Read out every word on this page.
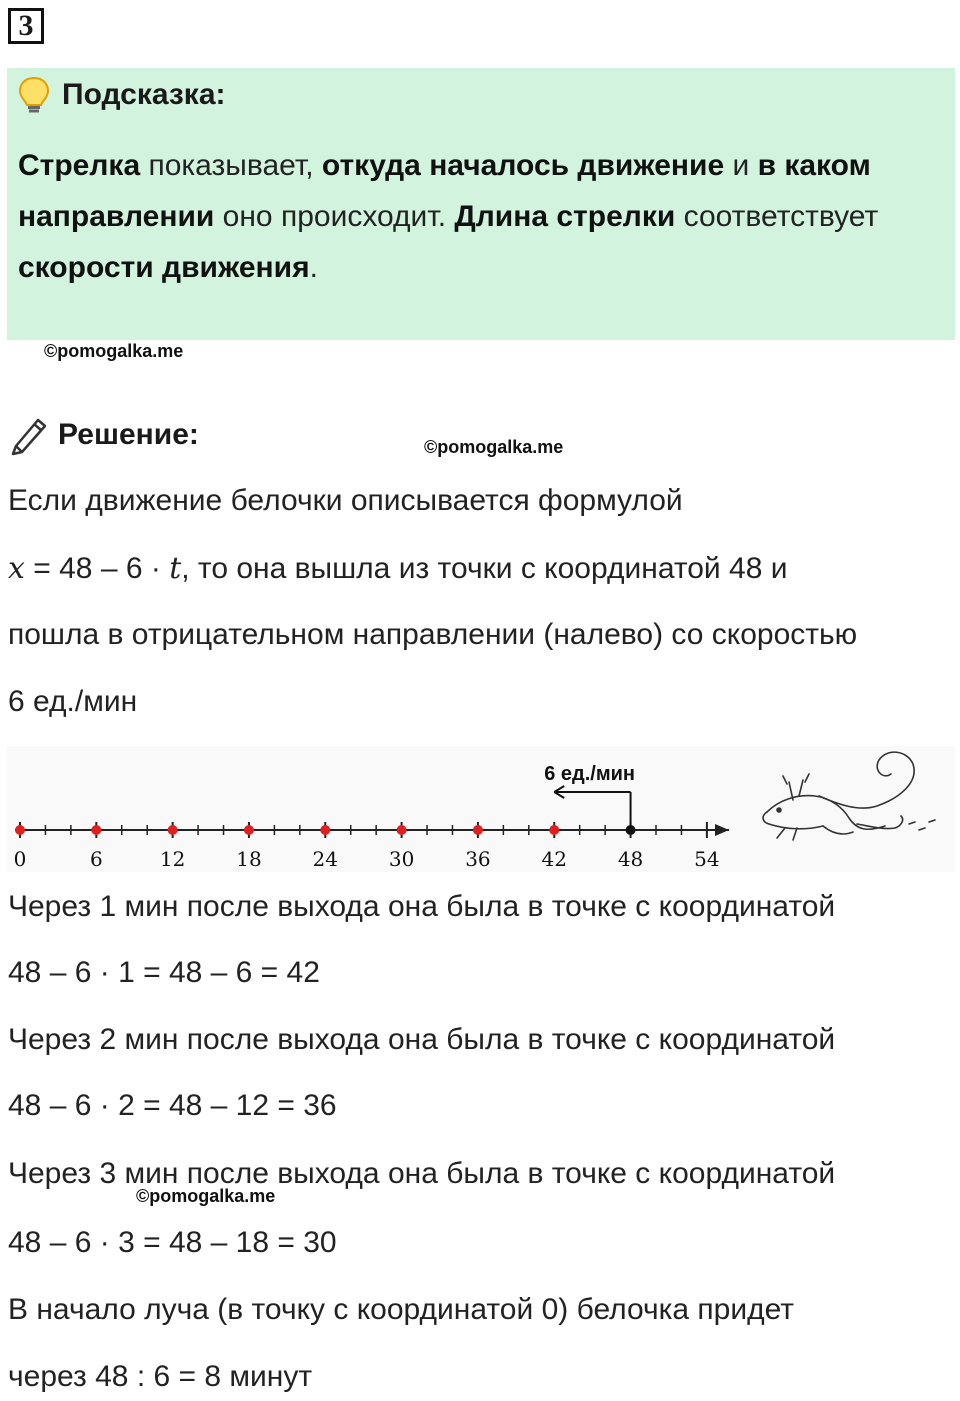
3
Подсказка:
Стрелка показывает, откуда началось движение и в каком направлении оно происходит. Длина стрелки соответствует скорости движения.
©pomogalka.me
Решение:	©pomogalka.me
Если движение белочки описывается формулой
x = 48 – 6 · t, то она вышла из точки с координатой 48 и
пошла в отрицательном направлении (налево) со скоростью
6 ед./мин
0	6	12	18	24	30	36	42	48	54
6 ед./мин
Через 1 мин после выхода она была в точке с координатой
48 – 6 · 1 = 48 – 6 = 42
Через 2 мин после выхода она была в точке с координатой
48 – 6 · 2 = 48 – 12 = 36
Через 3 мин после выхода она была в точке с координатой
©pomogalka.me
48 – 6 · 3 = 48 – 18 = 30
В начало луча (в точку с координатой 0) белочка придет
через 48 : 6 = 8 минут
